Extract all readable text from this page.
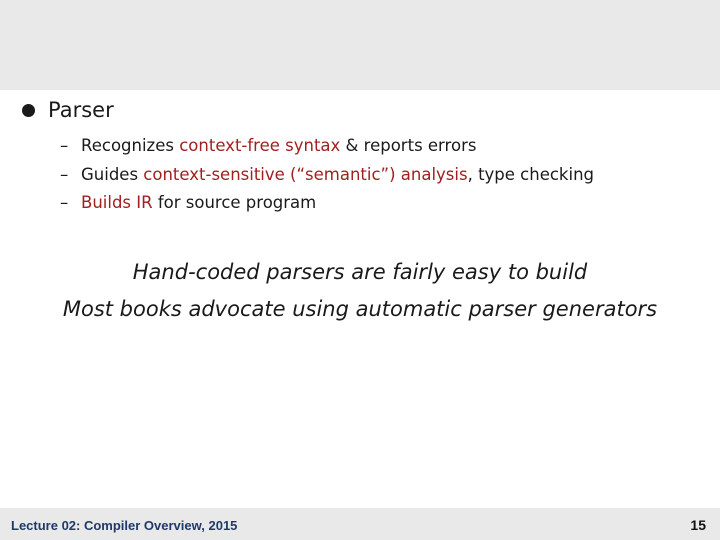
Parser
– Recognizes context-free syntax & reports errors
– Guides context-sensitive (“semantic”) analysis, type checking
– Builds IR for source program
Hand-coded parsers are fairly easy to build
Most books advocate using automatic parser generators
Lecture 02: Compiler Overview, 2015	15
